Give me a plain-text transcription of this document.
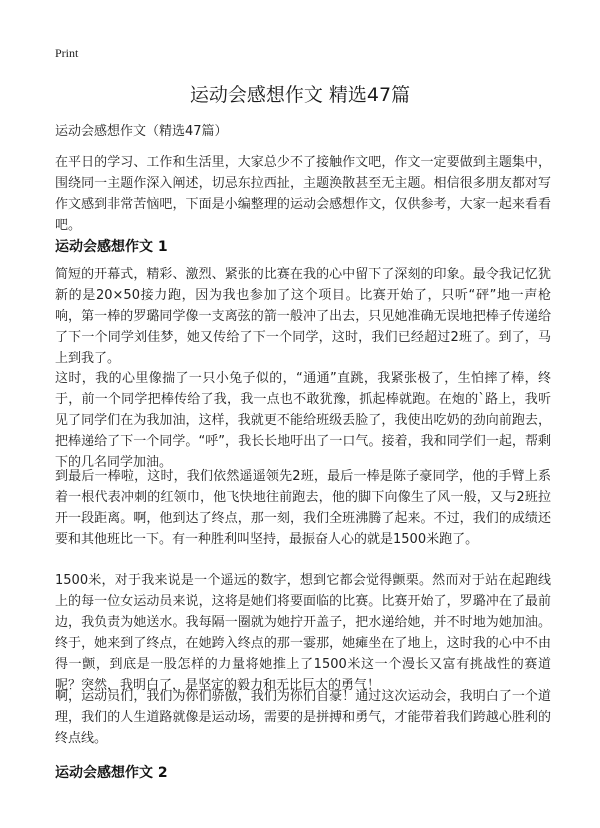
Print
运动会感想作文 精选47篇
运动会感想作文（精选47篇）

在平日的学习、工作和生活里，大家总少不了接触作文吧，作文一定要做到主题集中，围绕同一主题作深入阐述，切忌东拉西扯，主题涣散甚至无主题。相信很多朋友都对写作文感到非常苦恼吧，下面是小编整理的运动会感想作文，仅供参考，大家一起来看看吧。

运动会感想作文 1

简短的开幕式，精彩、激烈、紧张的比赛在我的心中留下了深刻的印象。最令我记忆犹新的是20×50接力跑，因为我也参加了这个项目。比赛开始了，只听“砰”地一声枪响，第一棒的罗璐同学像一支离弦的箭一般冲了出去，只见她准确无误地把棒子传递给了下一个同学刘佳梦，她又传给了下一个同学，这时，我们已经超过2班了。到了，马上到我了。

这时，我的心里像揣了一只小兔子似的，“通通”直跳，我紧张极了，生怕摔了棒，终于，前一个同学把棒传给了我，我一点也不敢犹豫，抓起棒就跑。在炮的`路上，我听见了同学们在为我加油，这样，我就更不能给班级丢脸了，我使出吃奶的劲向前跑去，把棒递给了下一个同学。“呼”，我长长地吁出了一口气。接着，我和同学们一起，帮剩下的几名同学加油。

到最后一棒啦，这时，我们依然遥遥领先2班，最后一棒是陈子豪同学，他的手臂上系着一根代表冲刺的红领巾，他飞快地往前跑去，他的脚下向像生了风一般，又与2班拉开一段距离。啊，他到达了终点，那一刻，我们全班沸腾了起来。不过，我们的成绩还要和其他班比一下。有一种胜利叫坚持，最振奋人心的就是1500米跑了。

1500米，对于我来说是一个遥远的数字，想到它都会觉得颤栗。然而对于站在起跑线上的每一位女运动员来说，这将是她们将要面临的比赛。比赛开始了，罗璐冲在了最前边，我负责为她送水。我每隔一圈就为她拧开盖子，把水递给她，并不时地为她加油。终于，她来到了终点，在她跨入终点的那一霎那，她瘫坐在了地上，这时我的心中不由得一颤，到底是一股怎样的力量将她推上了1500米这一个漫长又富有挑战性的赛道呢？突然，我明白了，是坚定的毅力和无比巨大的勇气！

啊，运动员们，我们为你们骄傲，我们为你们自豪！通过这次运动会，我明白了一个道理，我们的人生道路就像是运动场，需要的是拼搏和勇气，才能带着我们跨越心胜利的终点线。

运动会感想作文 2
